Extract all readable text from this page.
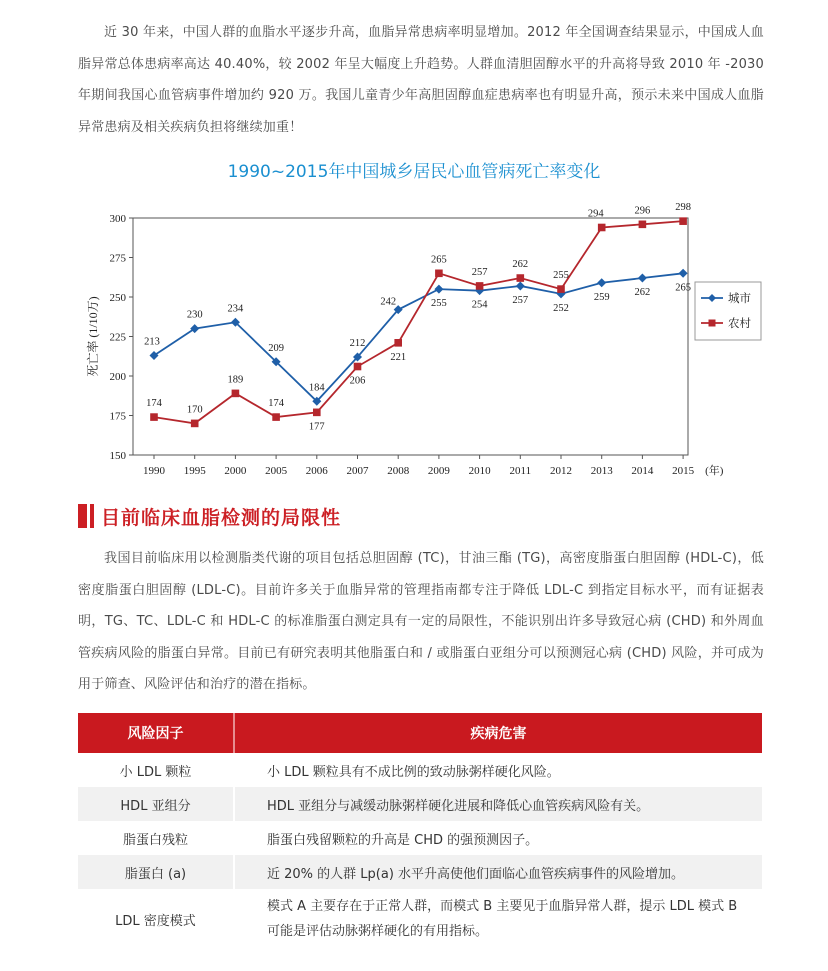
近 30 年来，中国人群的血脂水平逐步升高，血脂异常患病率明显增加。2012 年全国调查结果显示，中国成人血脂异常总体患病率高达 40.40%，较 2002 年呈大幅度上升趋势。人群血清胆固醇水平的升高将导致 2010 年 -2030 年期间我国心血管病事件增加约 920 万。我国儿童青少年高胆固醇血症患病率也有明显升高，预示未来中国成人血脂异常患病及相关疾病负担将继续加重！

1990~2015年中国城乡居民心血管病死亡率变化
150
175
200
225
250
275
300
1990 1995 2000 2005 2006 2007 2008 2009 2010 2011 2012 2013 2014 2015 (年)
死亡率 (1/10万)	213
230
234
209
184
212
242	255 254 257
252
259 262 265
174
170
189
174
177
206
221
265
257
262
255
294	296 298
城市
农村
目前临床血脂检测的局限性

我国目前临床用以检测脂类代谢的项目包括总胆固醇 (TC)，甘油三酯 (TG)，高密度脂蛋白胆固醇 (HDL-C)，低密度脂蛋白胆固醇 (LDL-C)。目前许多关于血脂异常的管理指南都专注于降低 LDL-C 到指定目标水平，而有证据表明，TG、TC、LDL-C 和 HDL-C 的标准脂蛋白测定具有一定的局限性，不能识别出许多导致冠心病 (CHD) 和外周血管疾病风险的脂蛋白异常。目前已有研究表明其他脂蛋白和 / 或脂蛋白亚组分可以预测冠心病 (CHD) 风险，并可成为用于筛查、风险评估和治疗的潜在指标。

风险因子	疾病危害
小 LDL 颗粒	小 LDL 颗粒具有不成比例的致动脉粥样硬化风险。
HDL 亚组分	HDL 亚组分与减缓动脉粥样硬化进展和降低心血管疾病风险有关。
脂蛋白残粒	脂蛋白残留颗粒的升高是 CHD 的强预测因子。
脂蛋白 (a)	近 20% 的人群 Lp(a) 水平升高使他们面临心血管疾病事件的风险增加。
LDL 密度模式	模式 A 主要存在于正常人群，而模式 B 主要见于血脂异常人群，提示 LDL 模式 B 可能是评估动脉粥样硬化的有用指标。
